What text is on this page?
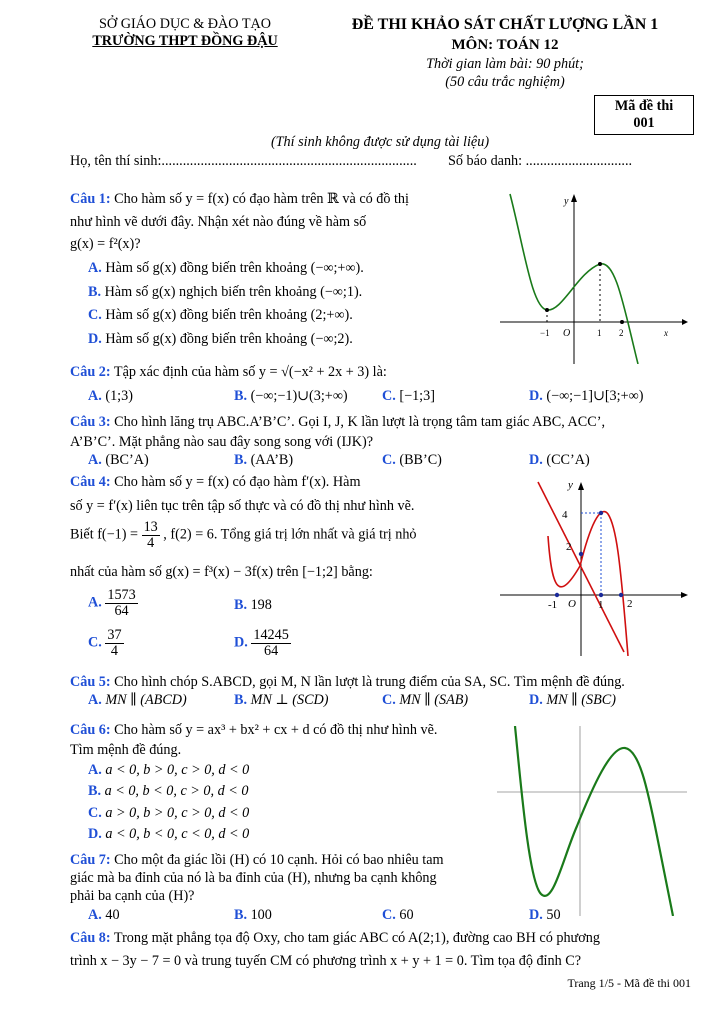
SỞ GIÁO DỤC & ĐÀO TẠO
TRƯỜNG THPT ĐỒNG ĐẬU
ĐỀ THI KHẢO SÁT CHẤT LƯỢNG LẦN 1
MÔN: TOÁN 12
Thời gian làm bài: 90 phút;
(50 câu trắc nghiệm)
Mã đề thi
001
(Thí sinh không được sử dụng tài liệu)
Họ, tên thí sinh:........................................................................ Số báo danh: ..............................
Câu 1: Cho hàm số y = f(x) có đạo hàm trên ℝ và có đồ thị
như hình vẽ dưới đây. Nhận xét nào đúng về hàm số
g(x) = f²(x)?
A. Hàm số g(x) đồng biến trên khoảng (−∞;+∞).
B. Hàm số g(x) nghịch biến trên khoảng (−∞;1).
C. Hàm số g(x) đồng biến trên khoảng (2;+∞).
D. Hàm số g(x) đồng biến trên khoảng (−∞;2).
y
x
O
−1	1 2
Câu 2: Tập xác định của hàm số y = √(−x² + 2x + 3) là:
A. (1;3)	B. (−∞;−1)∪(3;+∞) C. [−1;3]	D. (−∞;−1]∪[3;+∞)
Câu 3: Cho hình lăng trụ ABC.A’B’C’. Gọi I, J, K lần lượt là trọng tâm tam giác ABC, ACC’,
A’B’C’. Mặt phẳng nào sau đây song song với (IJK)?
A. (BC’A)	B. (AA’B)	C. (BB’C)	D. (CC’A)
Câu 4: Cho hàm số y = f(x) có đạo hàm f′(x). Hàm
số y = f′(x) liên tục trên tập số thực và có đồ thị như hình vẽ.
Biết $f(-1) = \frac{13}{4}$ , f(2) = 6. Tổng giá trị lớn nhất và giá trị nhỏ
nhất của hàm số g(x) = f³(x) − 3f(x) trên [−1;2] bằng:
A. $\frac{1573}{64}$	B. 198
C. $\frac{37}{4}$	D. $\frac{14245}{64}$
y
4
2
-1 O 1 2
Câu 5: Cho hình chóp S.ABCD, gọi M, N lần lượt là trung điểm của SA, SC. Tìm mệnh đề đúng.
A. MN ∥ (ABCD)	B. MN ⊥ (SCD)	C. MN ∥ (SAB)	D. MN ∥ (SBC)
Câu 6: Cho hàm số y = ax³ + bx² + cx + d có đồ thị như hình vẽ.
Tìm mệnh đề đúng.
A. a < 0, b > 0, c > 0, d < 0
B. a < 0, b < 0, c > 0, d < 0
C. a > 0, b > 0, c > 0, d < 0
D. a < 0, b < 0, c < 0, d < 0
Câu 7: Cho một đa giác lồi (H) có 10 cạnh. Hỏi có bao nhiêu tam
giác mà ba đỉnh của nó là ba đỉnh của (H), nhưng ba cạnh không
phải ba cạnh của (H)?
A. 40	B. 100	C. 60	D. 50
Câu 8: Trong mặt phẳng tọa độ Oxy, cho tam giác ABC có A(2;1), đường cao BH có phương
trình x − 3y − 7 = 0 và trung tuyến CM có phương trình x + y + 1 = 0. Tìm tọa độ đỉnh C?
Trang 1/5 - Mã đề thi 001
